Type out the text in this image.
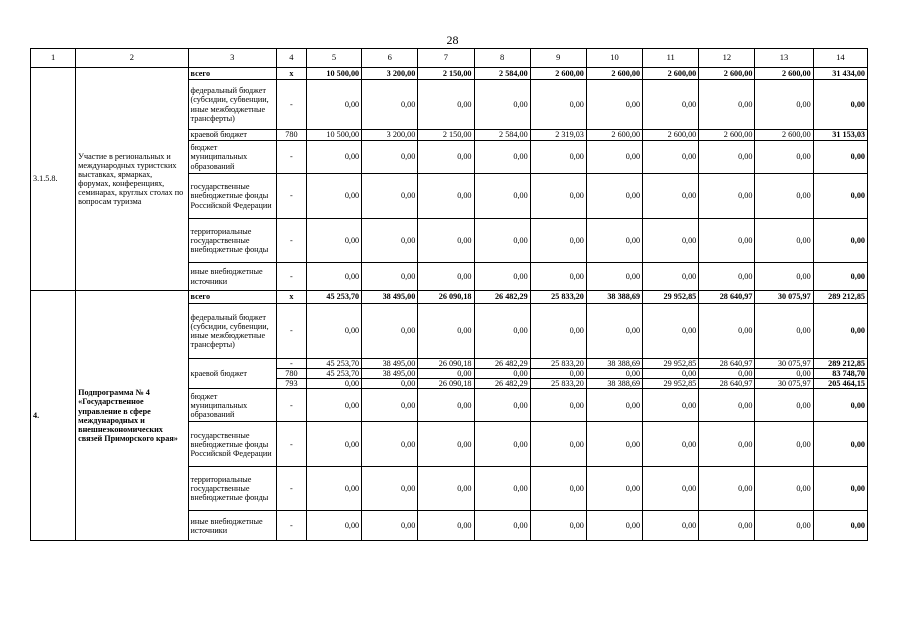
28
1	2	3	4	5	6	7	8	9	10	11	12	13	14
3.1.5.8.	Участие в региональных и международных туристских выставках, ярмарках, форумах, конференциях, семинарах, круглых столах по вопросам туризма	всего	х	10 500,00	3 200,00	2 150,00	2 584,00	2 600,00	2 600,00	2 600,00	2 600,00	2 600,00	31 434,00
		федеральный бюджет (субсидии, субвенции, иные межбюджетные трансферты)	-	0,00	0,00	0,00	0,00	0,00	0,00	0,00	0,00	0,00	0,00
		краевой бюджет	780	10 500,00	3 200,00	2 150,00	2 584,00	2 319,03	2 600,00	2 600,00	2 600,00	2 600,00	31 153,03
		бюджет муниципальных образований	-	0,00	0,00	0,00	0,00	0,00	0,00	0,00	0,00	0,00	0,00
		государственные внебюджетные фонды Российской Федерации	-	0,00	0,00	0,00	0,00	0,00	0,00	0,00	0,00	0,00	0,00
		территориальные государственные внебюджетные фонды	-	0,00	0,00	0,00	0,00	0,00	0,00	0,00	0,00	0,00	0,00
		иные внебюджетные источники	-	0,00	0,00	0,00	0,00	0,00	0,00	0,00	0,00	0,00	0,00
4.	Подпрограмма № 4 «Государственное управление в сфере международных и внешнеэкономических связей Приморского края»	всего	х	45 253,70	38 495,00	26 090,18	26 482,29	25 833,20	38 388,69	29 952,85	28 640,97	30 075,97	289 212,85
		федеральный бюджет (субсидии, субвенции, иные межбюджетные трансферты)	-	0,00	0,00	0,00	0,00	0,00	0,00	0,00	0,00	0,00	0,00
		краевой бюджет	-	45 253,70	38 495,00	26 090,18	26 482,29	25 833,20	38 388,69	29 952,85	28 640,97	30 075,97	289 212,85
			780	45 253,70	38 495,00	0,00	0,00	0,00	0,00	0,00	0,00	0,00	83 748,70
			793	0,00	0,00	26 090,18	26 482,29	25 833,20	38 388,69	29 952,85	28 640,97	30 075,97	205 464,15
		бюджет муниципальных образований	-	0,00	0,00	0,00	0,00	0,00	0,00	0,00	0,00	0,00	0,00
		государственные внебюджетные фонды Российской Федерации	-	0,00	0,00	0,00	0,00	0,00	0,00	0,00	0,00	0,00	0,00
		территориальные государственные внебюджетные фонды	-	0,00	0,00	0,00	0,00	0,00	0,00	0,00	0,00	0,00	0,00
		иные внебюджетные источники	-	0,00	0,00	0,00	0,00	0,00	0,00	0,00	0,00	0,00	0,00
